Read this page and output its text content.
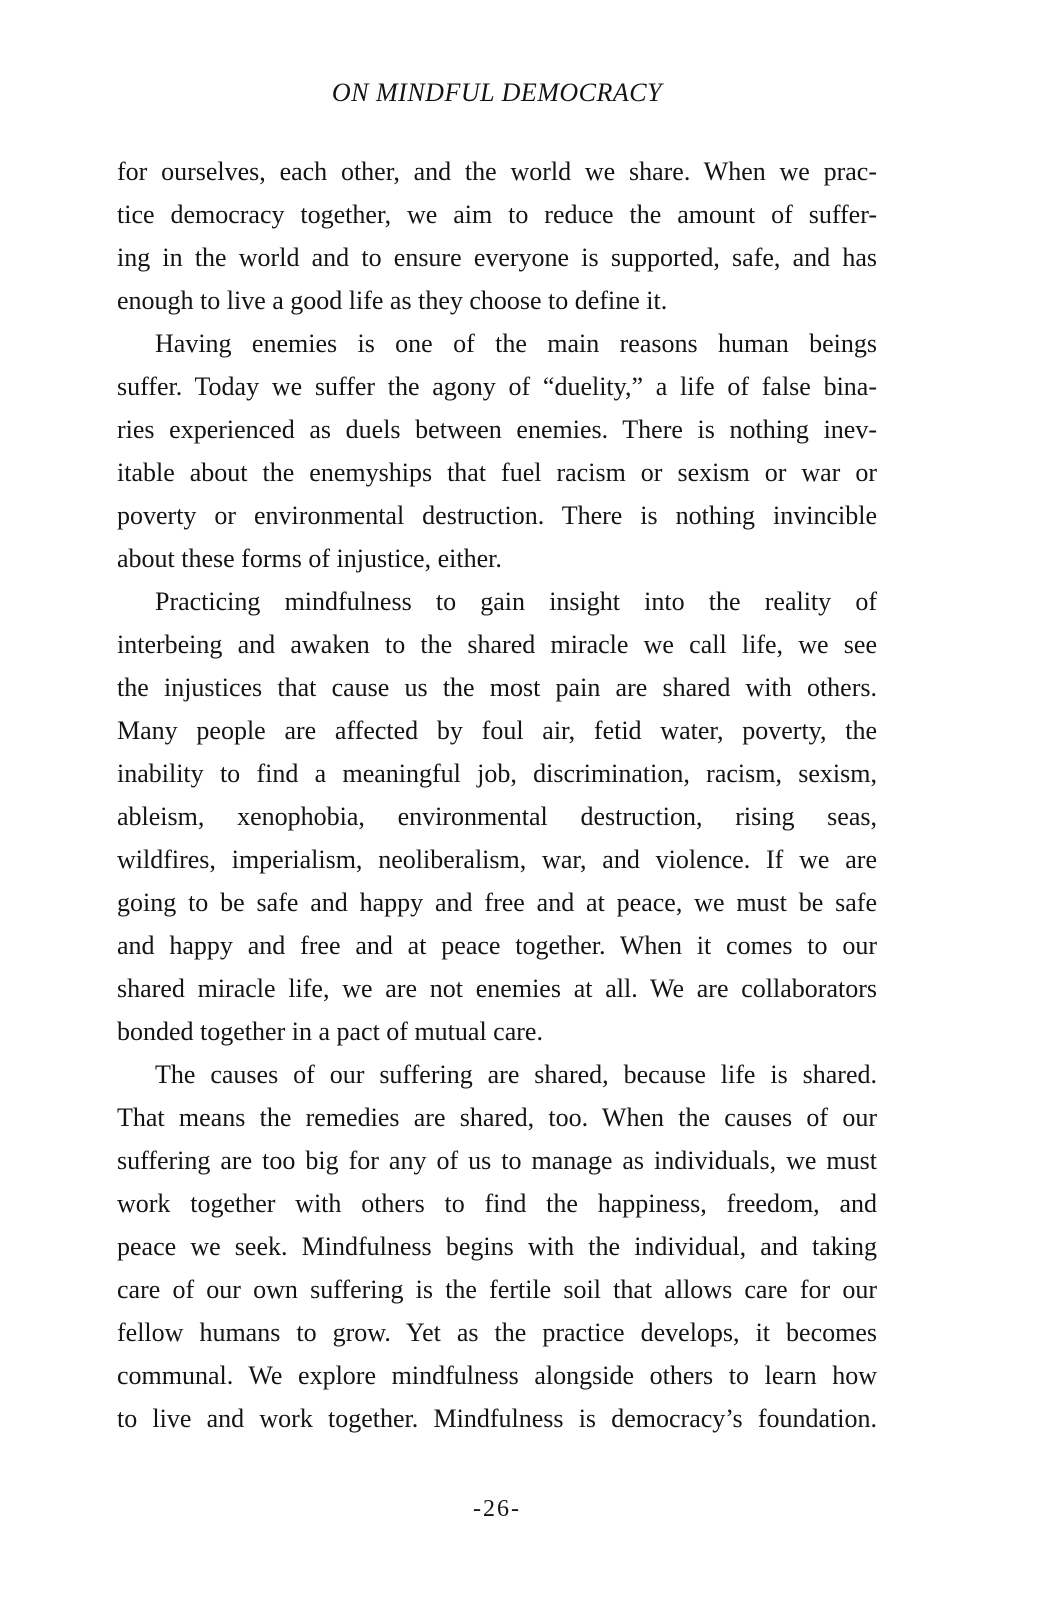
ON MINDFUL DEMOCRACY
for ourselves, each other, and the world we share. When we prac-
tice democracy together, we aim to reduce the amount of suffer-
ing in the world and to ensure everyone is supported, safe, and has
enough to live a good life as they choose to define it.
Having enemies is one of the main reasons human beings
suffer. Today we suffer the agony of “duelity,” a life of false bina-
ries experienced as duels between enemies. There is nothing inev-
itable about the enemyships that fuel racism or sexism or war or
poverty or environmental destruction. There is nothing invincible
about these forms of injustice, either.
Practicing mindfulness to gain insight into the reality of
interbeing and awaken to the shared miracle we call life, we see
the injustices that cause us the most pain are shared with others.
Many people are affected by foul air, fetid water, poverty, the
inability to find a meaningful job, discrimination, racism, sexism,
ableism, xenophobia, environmental destruction, rising seas,
wildfires, imperialism, neoliberalism, war, and violence. If we are
going to be safe and happy and free and at peace, we must be safe
and happy and free and at peace together. When it comes to our
shared miracle life, we are not enemies at all. We are collaborators
bonded together in a pact of mutual care.
The causes of our suffering are shared, because life is shared.
That means the remedies are shared, too. When the causes of our
suffering are too big for any of us to manage as individuals, we must
work together with others to find the happiness, freedom, and
peace we seek. Mindfulness begins with the individual, and taking
care of our own suffering is the fertile soil that allows care for our
fellow humans to grow. Yet as the practice develops, it becomes
communal. We explore mindfulness alongside others to learn how
to live and work together. Mindfulness is democracy’s foundation.
-26-
